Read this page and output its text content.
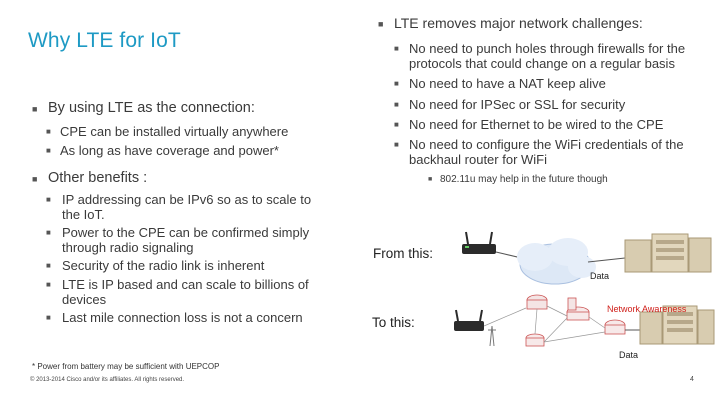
Why LTE for IoT
■ By using LTE as the connection:
■ CPE can be installed virtually anywhere
■ As long as have coverage and power*
■ Other benefits :
■ IP addressing can be IPv6 so as to scale to the IoT.
■ Power to the CPE can be confirmed simply through radio signaling
■ Security of the radio link is inherent
■ LTE is IP based and can scale to billions of devices
■ Last mile connection loss is not a concern
■ LTE removes major network challenges:
■ No need to punch holes through firewalls for the protocols that could change on a regular basis
■ No need to have a NAT keep alive
■ No need for IPSec or SSL for security
■ No need for Ethernet to be wired to the CPE
■ No need to configure the WiFi credentials of the backhaul router for WiFi
■ 802.11u may help in the future though
From this:
To this:
Data
Network Awareness
Data
* Power from battery may be sufficient with UEPCOP
© 2013-2014 Cisco and/or its affiliates. All rights reserved.	4
